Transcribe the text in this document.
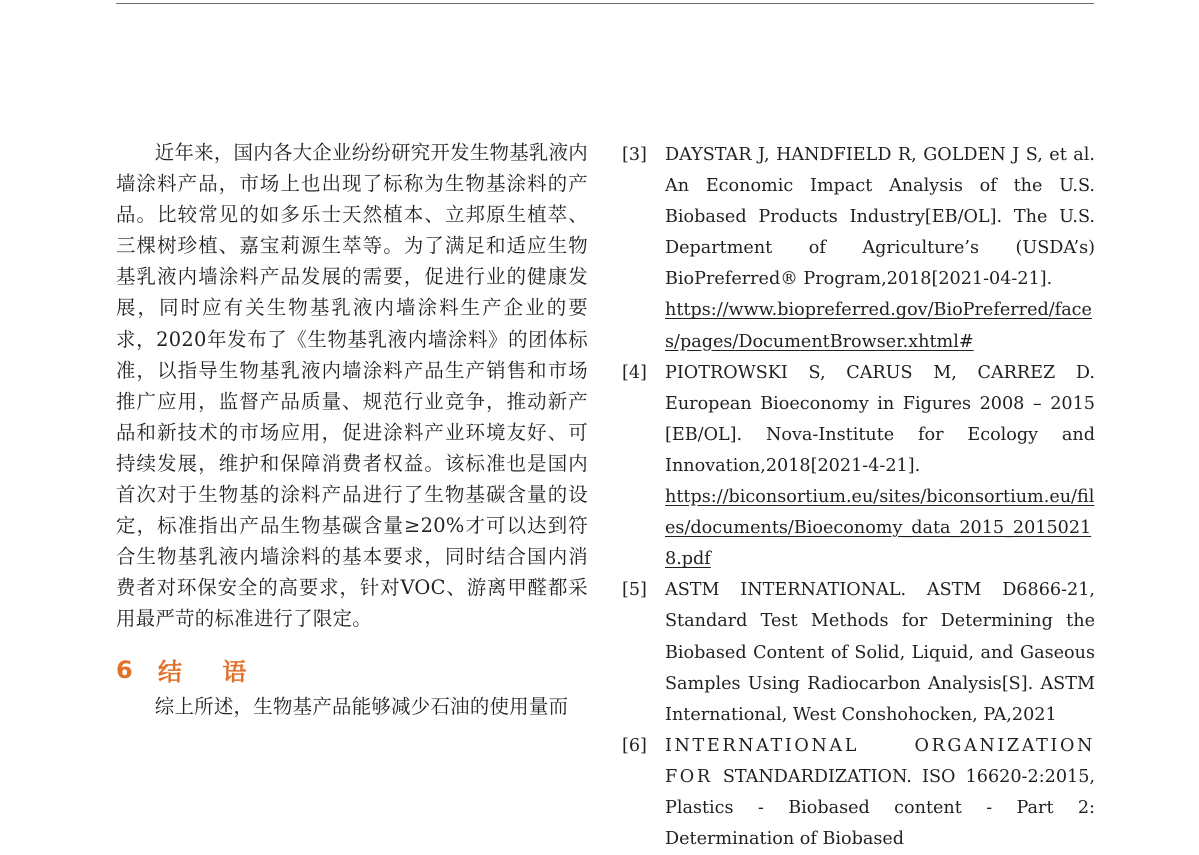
近年来，国内各大企业纷纷研究开发生物基乳液内墙涂料产品，市场上也出现了标称为生物基涂料的产品。比较常见的如多乐士天然植本、立邦原生植萃、三棵树珍植、嘉宝莉源生萃等。为了满足和适应生物基乳液内墙涂料产品发展的需要，促进行业的健康发展，同时应有关生物基乳液内墙涂料生产企业的要求，2020年发布了《生物基乳液内墙涂料》的团体标准，以指导生物基乳液内墙涂料产品生产销售和市场推广应用，监督产品质量、规范行业竞争，推动新产品和新技术的市场应用，促进涂料产业环境友好、可持续发展，维护和保障消费者权益。该标准也是国内首次对于生物基的涂料产品进行了生物基碳含量的设定，标准指出产品生物基碳含量≥20%才可以达到符合生物基乳液内墙涂料的基本要求，同时结合国内消费者对环保安全的高要求，针对VOC、游离甲醛都采用最严苛的标准进行了限定。

6	结 语

综上所述，生物基产品能够减少石油的使用量而

[3] DAYSTAR J, HANDFIELD R, GOLDEN J S, et al. An Economic Impact Analysis of the U.S. Biobased Products Industry[EB/OL]. The U.S. Department of Agriculture’s (USDA’s) BioPreferred® Program,2018[2021-04-21].
https://www.biopreferred.gov/BioPreferred/faces/pages/DocumentBrowser.xhtml#
[4] PIOTROWSKI S, CARUS M, CARREZ D. European Bioeconomy in Figures 2008 – 2015 [EB/OL]. Nova-Institute for Ecology and Innovation,2018[2021-4-21].
https://biconsortium.eu/sites/biconsortium.eu/files/documents/Bioeconomy_data_2015_20150218.pdf
[5] ASTM INTERNATIONAL. ASTM D6866-21, Standard Test Methods for Determining the Biobased Content of Solid, Liquid, and Gaseous Samples Using Radiocarbon Analysis[S]. ASTM International, West Conshohocken, PA,2021
[6] INTERNATIONAL ORGANIZATION FOR STANDARDIZATION. ISO 16620-2:2015, Plastics - Biobased content - Part 2: Determination of Biobased
